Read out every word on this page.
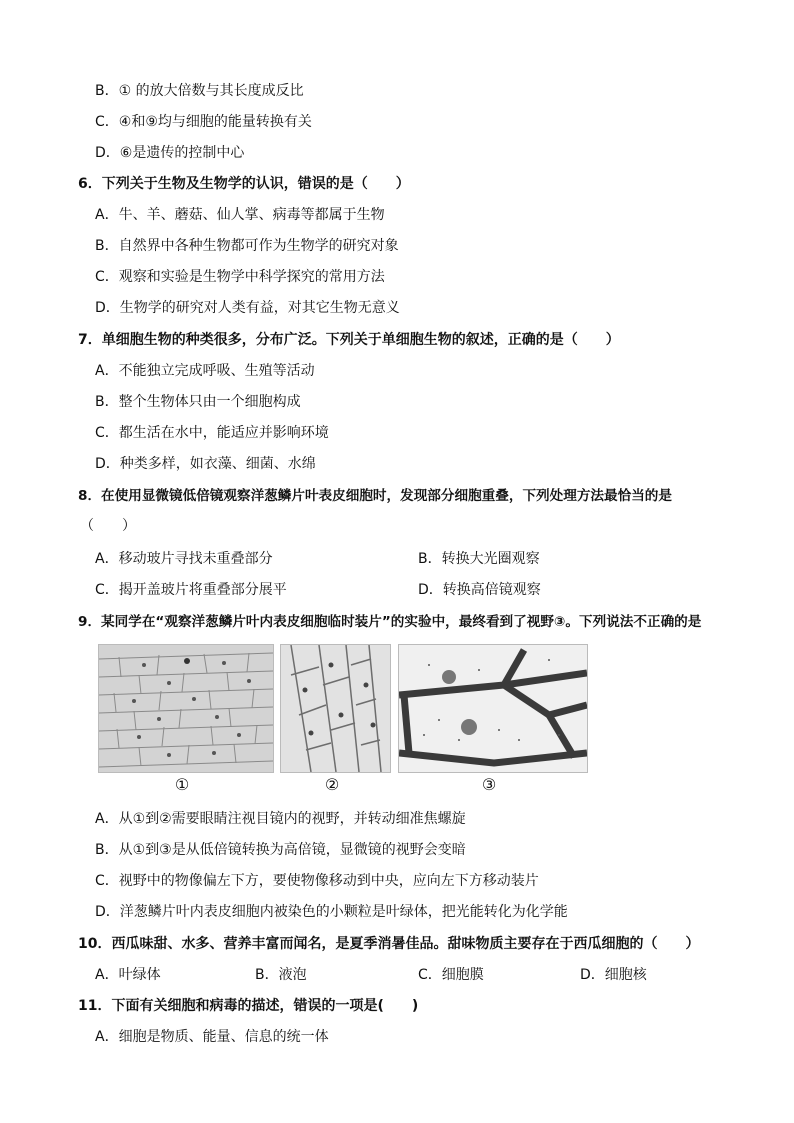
B．① 的放大倍数与其长度成反比
C．④和⑨均与细胞的能量转换有关
D．⑥是遗传的控制中心
6．下列关于生物及生物学的认识，错误的是（　　）
A．牛、羊、蘑菇、仙人掌、病毒等都属于生物
B．自然界中各种生物都可作为生物学的研究对象
C．观察和实验是生物学中科学探究的常用方法
D．生物学的研究对人类有益，对其它生物无意义
7．单细胞生物的种类很多，分布广泛。下列关于单细胞生物的叙述，正确的是（　　）
A．不能独立完成呼吸、生殖等活动
B．整个生物体只由一个细胞构成
C．都生活在水中，能适应并影响环境
D．种类多样，如衣藻、细菌、水绵
8．在使用显微镜低倍镜观察洋葱鳞片叶表皮细胞时，发现部分细胞重叠，下列处理方法最恰当的是
（　　）
A．移动玻片寻找未重叠部分	B．转换大光圈观察
C．揭开盖玻片将重叠部分展平	D．转换高倍镜观察
9．某同学在“观察洋葱鳞片叶内表皮细胞临时装片”的实验中，最终看到了视野③。下列说法不正确的是
①	②	③
A．从①到②需要眼睛注视目镜内的视野，并转动细准焦螺旋
B．从①到③是从低倍镜转换为高倍镜，显微镜的视野会变暗
C．视野中的物像偏左下方，要使物像移动到中央，应向左下方移动装片
D．洋葱鳞片叶内表皮细胞内被染色的小颗粒是叶绿体，把光能转化为化学能
10．西瓜味甜、水多、营养丰富而闻名，是夏季消暑佳品。甜味物质主要存在于西瓜细胞的（　　）
A．叶绿体	B．液泡	C．细胞膜	D．细胞核
11．下面有关细胞和病毒的描述，错误的一项是(　　)
A．细胞是物质、能量、信息的统一体
